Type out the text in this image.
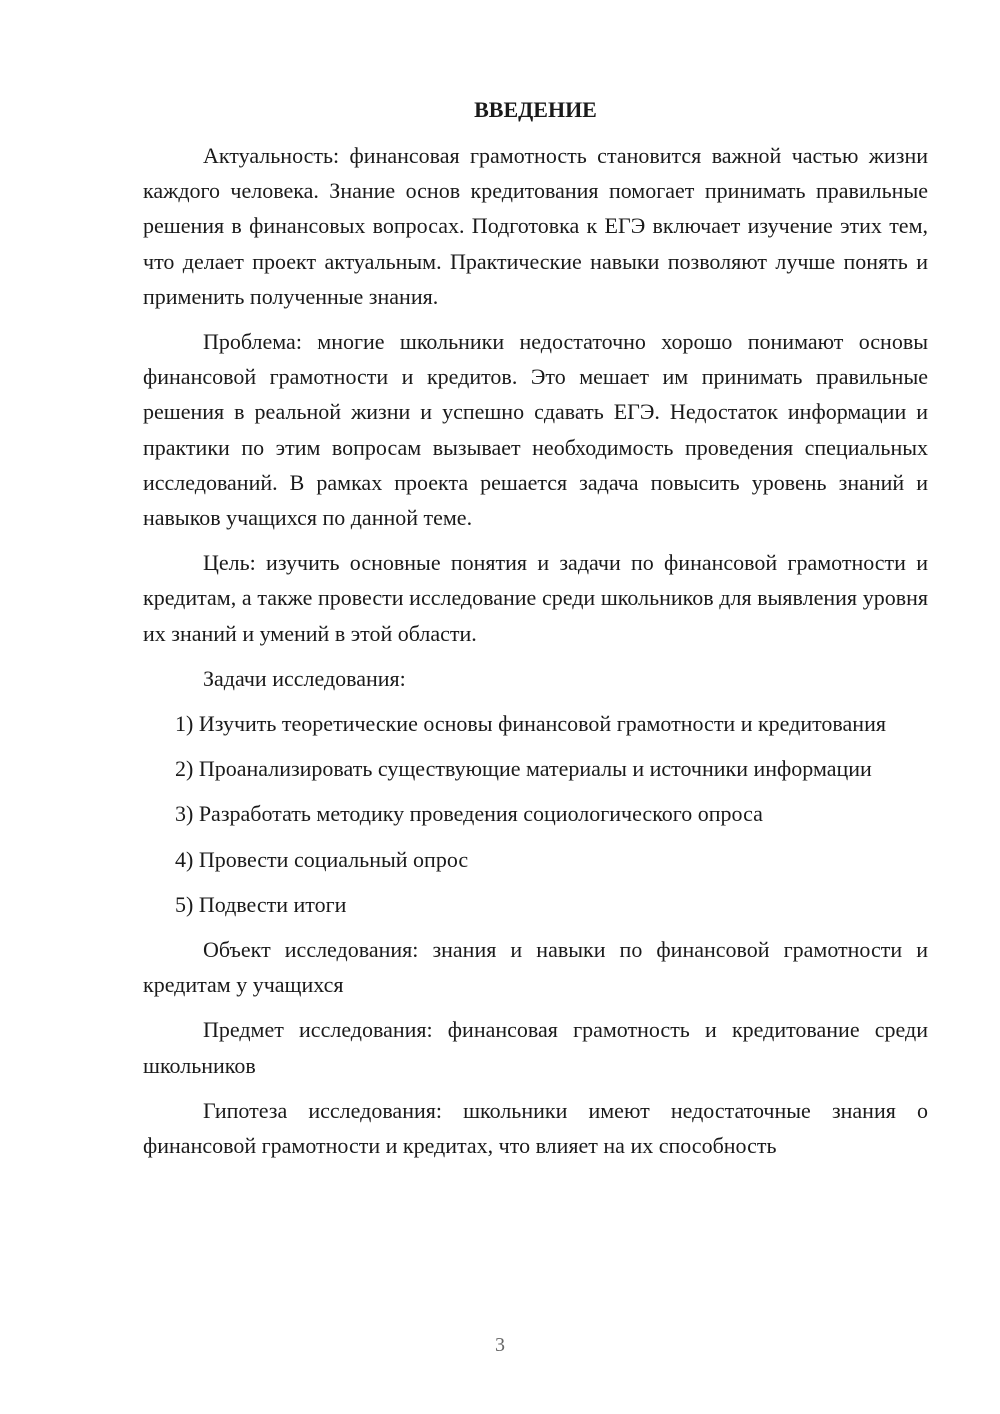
ВВЕДЕНИЕ

Актуальность: финансовая грамотность становится важной частью жизни каждого человека. Знание основ кредитования помогает принимать правильные решения в финансовых вопросах. Подготовка к ЕГЭ включает изучение этих тем, что делает проект актуальным. Практические навыки позволяют лучше понять и применить полученные знания.

Проблема: многие школьники недостаточно хорошо понимают основы финансовой грамотности и кредитов. Это мешает им принимать правильные решения в реальной жизни и успешно сдавать ЕГЭ. Недостаток информации и практики по этим вопросам вызывает необходимость проведения специальных исследований. В рамках проекта решается задача повысить уровень знаний и навыков учащихся по данной теме.

Цель: изучить основные понятия и задачи по финансовой грамотности и кредитам, а также провести исследование среди школьников для выявления уровня их знаний и умений в этой области.

Задачи исследования:

1) Изучить теоретические основы финансовой грамотности и кредитования

2) Проанализировать существующие материалы и источники информации

3) Разработать методику проведения социологического опроса

4) Провести социальный опрос

5) Подвести итоги

Объект исследования: знания и навыки по финансовой грамотности и кредитам у учащихся

Предмет исследования: финансовая грамотность и кредитование среди школьников

Гипотеза исследования: школьники имеют недостаточные знания о финансовой грамотности и кредитах, что влияет на их способность

3
